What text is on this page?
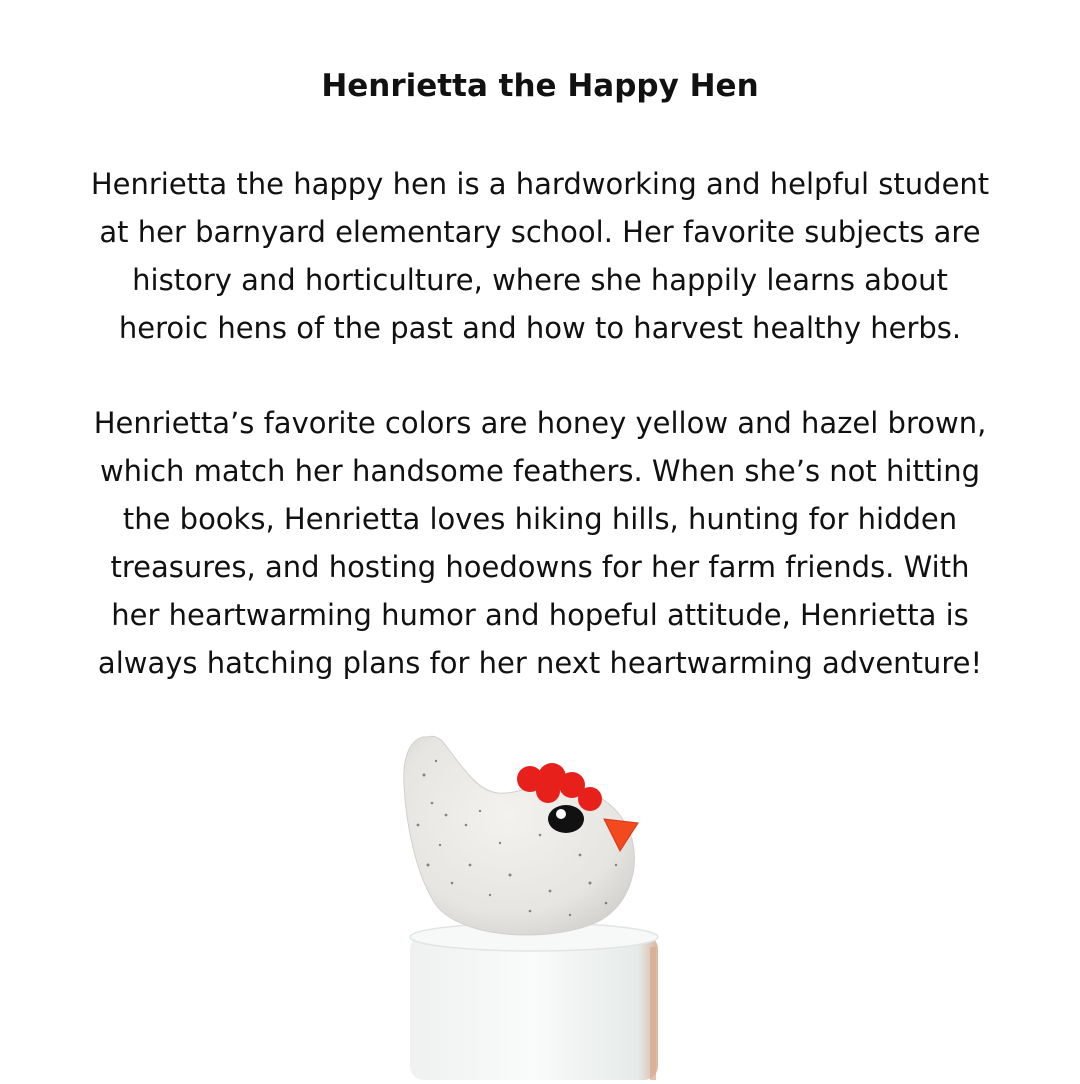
Henrietta the Happy Hen
Henrietta the happy hen is a hardworking and helpful student
at her barnyard elementary school. Her favorite subjects are
history and horticulture, where she happily learns about
heroic hens of the past and how to harvest healthy herbs.
Henrietta’s favorite colors are honey yellow and hazel brown,
which match her handsome feathers. When she’s not hitting
the books, Henrietta loves hiking hills, hunting for hidden
treasures, and hosting hoedowns for her farm friends. With
her heartwarming humor and hopeful attitude, Henrietta is
always hatching plans for her next heartwarming adventure!
